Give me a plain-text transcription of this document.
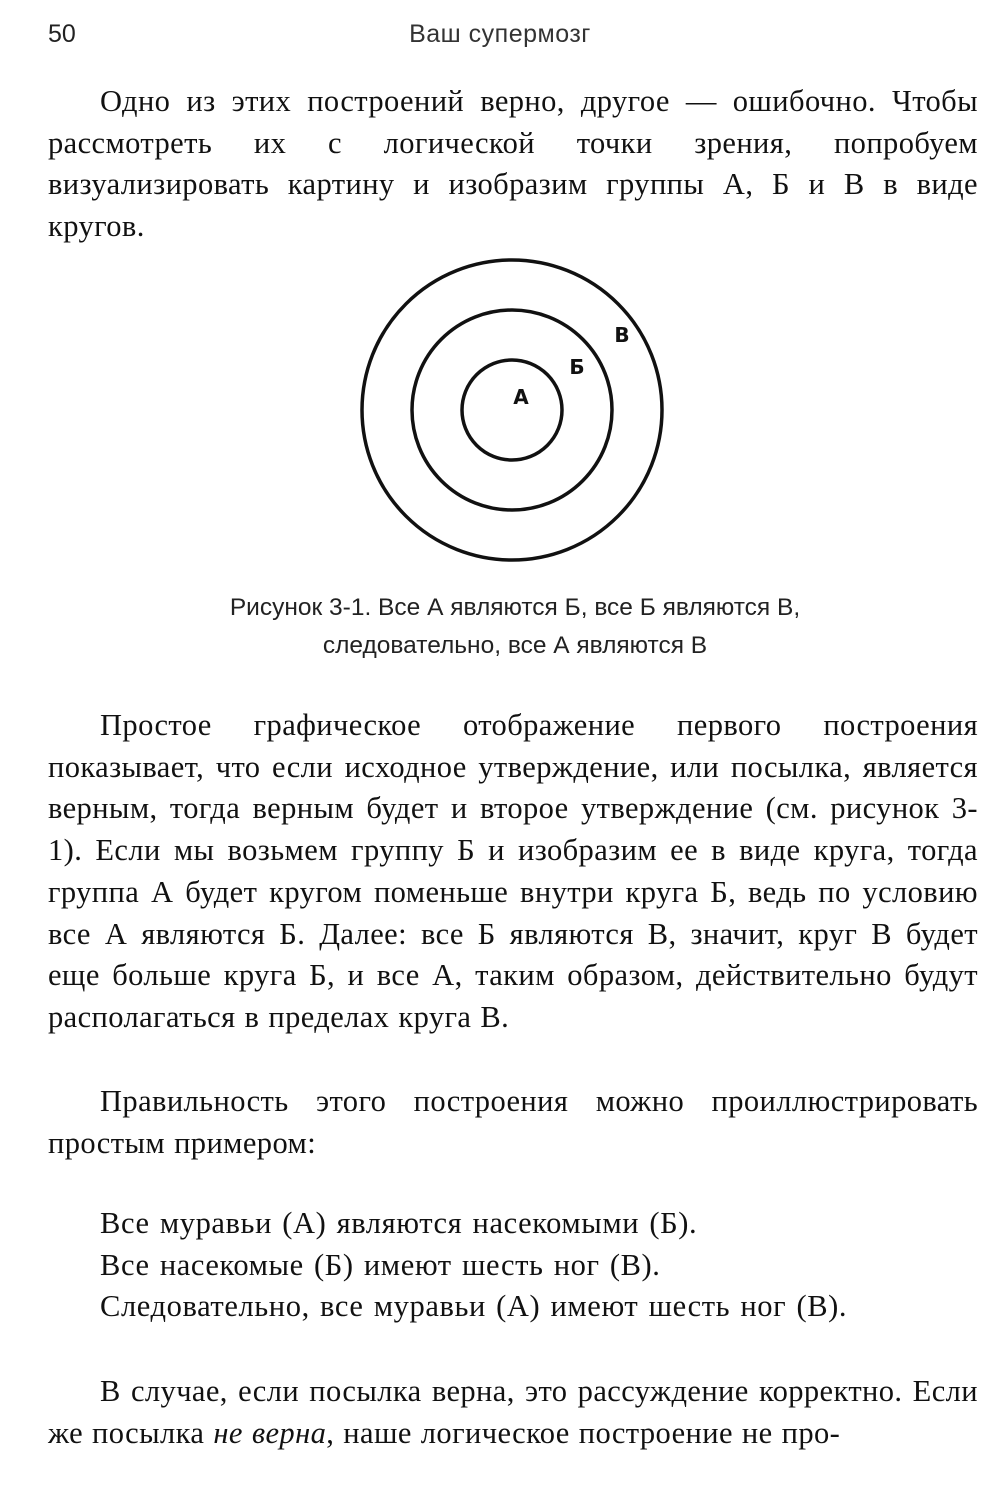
50	Ваш супермозг

Одно из этих построений верно, другое — ошибочно. Чтобы рассмотреть их с логической точки зрения, попробуем визуализировать картину и изобразим группы А, Б и В в виде кругов.

А
Б
В
Рисунок 3-1. Все А являются Б, все Б являются В,
следовательно, все А являются В

Простое графическое отображение первого построения показывает, что если исходное утверждение, или посылка, является верным, тогда верным будет и второе утверждение (см. рисунок 3-1). Если мы возьмем группу Б и изобразим ее в виде круга, тогда группа А будет кругом поменьше внутри круга Б, ведь по условию все А являются Б. Далее: все Б являются В, значит, круг В будет еще больше круга Б, и все А, таким образом, действительно будут располагаться в пределах круга В.

Правильность этого построения можно проиллюстрировать простым примером:

Все муравьи (А) являются насекомыми (Б).
Все насекомые (Б) имеют шесть ног (В).
Следовательно, все муравьи (А) имеют шесть ног (В).

В случае, если посылка верна, это рассуждение корректно. Если же посылка не верна, наше логическое построение не про-
